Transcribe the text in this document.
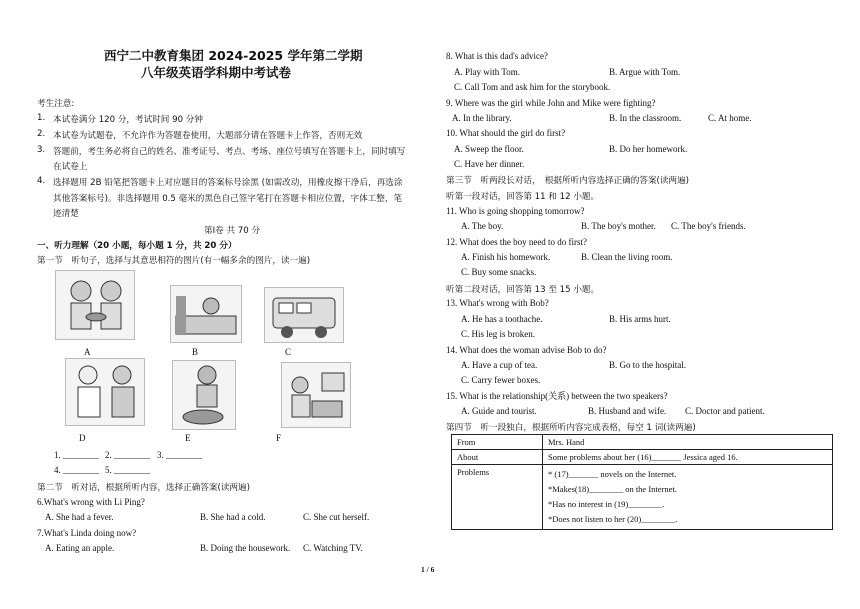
西宁二中教育集团 2024-2025 学年第二学期
八年级英语学科期中考试卷
考生注意:
1. 本试卷满分 120 分，考试时间 90 分钟
2. 本试卷为试题卷，不允许作为答题卷使用，大题部分请在答题卡上作答，否则无效
3. 答题前，考生务必将自己的姓名、准考证号、考点、考场、座位号填写在答题卡上，同时填写
在试卷上
4. 选择题用 2B 铅笔把答题卡上对应题目的答案标号涂黑 (如需改动，用橡皮擦干净后，再选涂
其他答案标号)。非选择题用 0.5 毫米的黑色自己签字笔打在答题卡相应位置，字体工整，笔
迹清楚
第Ⅰ卷 共 70 分
一、听力理解（20 小题，每小题 1 分，共 20 分）
第一节　听句子，选择与其意思相符的图片(有一幅多余的图片，读一遍)
A	B	C
D	E	F
1. ________ 2. ________ 3. ________
4. ________ 5. ________
第二节　听对话，根据所听内容，选择正确答案(读两遍)
6.What's wrong with Li Ping?
A. She had a fever.	B. She had a cold.	C. She cut herself.
7.What's Linda doing now?
A. Eating an apple.	B. Doing the housework. C. Watching TV.
8. What is this dad's advice?
A. Play with Tom.	B. Argue with Tom.
C. Call Tom and ask him for the storybook.
9. Where was the girl while John and Mike were fighting?
A. In the library.	B. In the classroom.	C. At home.
10. What should the girl do first?
A. Sweep the floor.	B. Do her homework.
C. Have her dinner.
第三节　听两段长对话，　根据所听内容选择正确的答案(读两遍)
听第一段对话，回答第 11 和 12 小题。
11. Who is going shopping tomorrow?
A. The boy.	B. The boy's mother. C. The boy's friends.
12. What does the boy need to do first?
A. Finish his homework.	B. Clean the living room.
C. Buy some snacks.
听第二段对话，回答第 13 至 15 小题。
13. What's wrong with Bob?
A. He has a toothache.	B. His arms hurt.
C. His leg is broken.
14. What does the woman advise Bob to do?
A. Have a cup of tea.	B. Go to the hospital.
C. Carry fewer boxes.
15. What is the relationship(关系) between the two speakers?
A. Guide and tourist.	B. Husband and wife. C. Doctor and patient.
第四节　听一段独白，根据所听内容完成表格，每空 1 词(读两遍)
From	Mrs. Hand
About	Some problems about her (16)_______ Jessica aged 16.
Problems	* (17)_______ novels on the Internet.
*Makes(18)________ on the Internet.
*Has no interest in (19)________.
*Does not listen to her (20)________.
1 / 6
